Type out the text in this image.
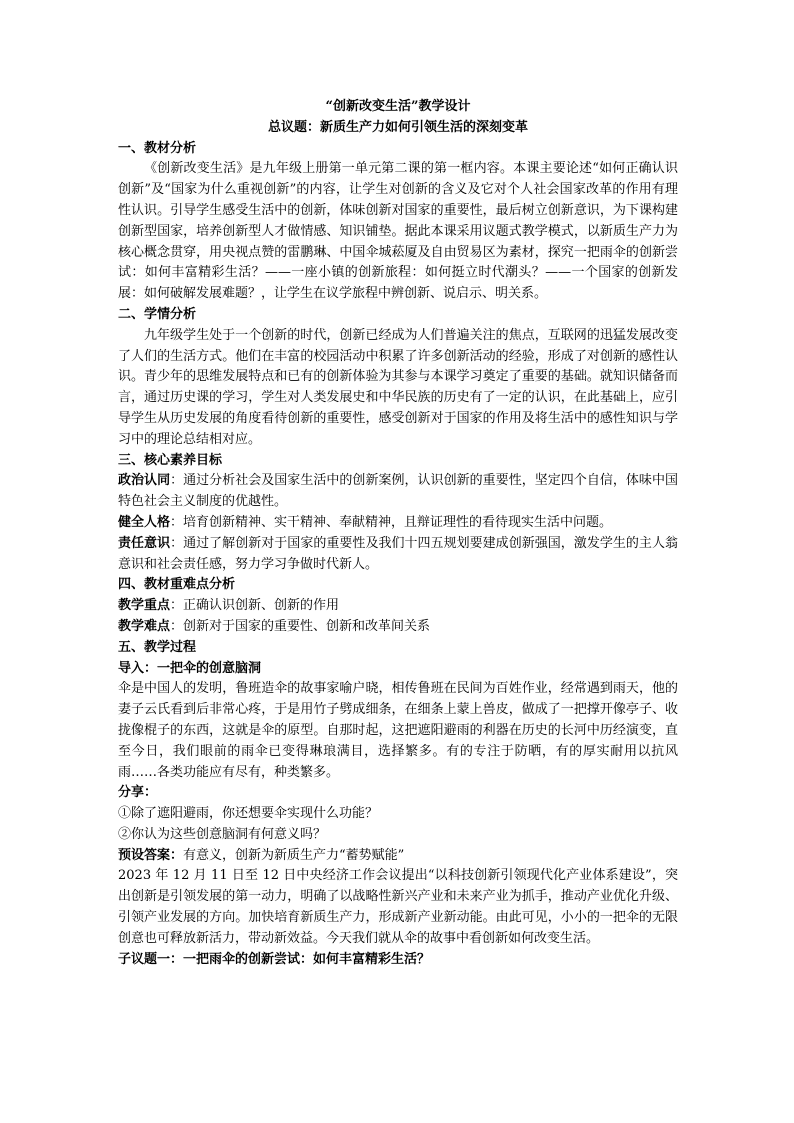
“创新改变生活”教学设计

总议题：新质生产力如何引领生活的深刻变革

一、教材分析

《创新改变生活》是九年级上册第一单元第二课的第一框内容。本课主要论述“如何正确认识创新”及“国家为什么重视创新”的内容，让学生对创新的含义及它对个人社会国家改革的作用有理性认识。引导学生感受生活中的创新，体味创新对国家的重要性，最后树立创新意识，为下课构建创新型国家，培养创新型人才做情感、知识铺垫。据此本课采用议题式教学模式，以新质生产力为核心概念贯穿，用央视点赞的雷鹏琳、中国伞城菘厦及自由贸易区为素材，探究一把雨伞的创新尝试：如何丰富精彩生活？——一座小镇的创新旅程：如何挺立时代潮头？——一个国家的创新发展：如何破解发展难题？，让学生在议学旅程中辨创新、说启示、明关系。

二、学情分析

九年级学生处于一个创新的时代，创新已经成为人们普遍关注的焦点，互联网的迅猛发展改变了人们的生活方式。他们在丰富的校园活动中积累了许多创新活动的经验，形成了对创新的感性认识。青少年的思维发展特点和已有的创新体验为其参与本课学习奠定了重要的基础。就知识储备而言，通过历史课的学习，学生对人类发展史和中华民族的历史有了一定的认识，在此基础上，应引导学生从历史发展的角度看待创新的重要性，感受创新对于国家的作用及将生活中的感性知识与学习中的理论总结相对应。

三、核心素养目标

政治认同：通过分析社会及国家生活中的创新案例，认识创新的重要性，坚定四个自信，体味中国特色社会主义制度的优越性。

健全人格：培育创新精神、实干精神、奉献精神，且辩证理性的看待现实生活中问题。

责任意识：通过了解创新对于国家的重要性及我们十四五规划要建成创新强国，激发学生的主人翁意识和社会责任感，努力学习争做时代新人。

四、教材重难点分析

教学重点：正确认识创新、创新的作用

教学难点：创新对于国家的重要性、创新和改革间关系

五、教学过程

导入：一把伞的创意脑洞

伞是中国人的发明，鲁班造伞的故事家喻户晓，相传鲁班在民间为百姓作业，经常遇到雨天，他的妻子云氏看到后非常心疼，于是用竹子劈成细条，在细条上蒙上兽皮，做成了一把撑开像亭子、收拢像棍子的东西，这就是伞的原型。自那时起，这把遮阳避雨的利器在历史的长河中历经演变，直至今日，我们眼前的雨伞已变得琳琅满目，选择繁多。有的专注于防晒，有的厚实耐用以抗风雨……各类功能应有尽有，种类繁多。

分享：

①除了遮阳避雨，你还想要伞实现什么功能？

②你认为这些创意脑洞有何意义吗？

预设答案：有意义，创新为新质生产力“蓄势赋能”

2023 年 12 月 11 日至 12 日中央经济工作会议提出“以科技创新引领现代化产业体系建设”，突出创新是引领发展的第一动力，明确了以战略性新兴产业和未来产业为抓手，推动产业优化升级、引领产业发展的方向。加快培育新质生产力，形成新产业新动能。由此可见，小小的一把伞的无限创意也可释放新活力，带动新效益。今天我们就从伞的故事中看创新如何改变生活。

子议题一：一把雨伞的创新尝试：如何丰富精彩生活？
